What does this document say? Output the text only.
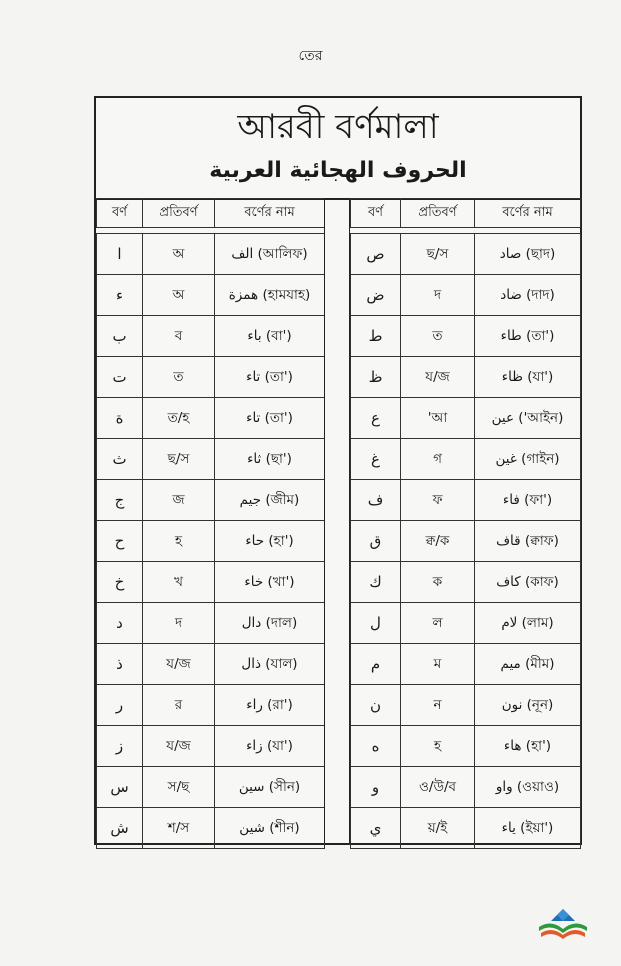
তের
আরবী বর্ণমালা
الحروف الهجائية العربية
বর্ণ	প্রতিবর্ণ	বর্ণের নাম

ا	অ	الف (আলিফ)
ء	অ	همزة (হামযাহ)
ب	ব	باء (বা')
ت	ত	تاء (তা')
ة	ত/হ	تاء (তা')
ث	ছ/স	ثاء (ছা')
ج	জ	جيم (জীম)
ح	হ	حاء (হা')
خ	খ	خاء (খা')
د	দ	دال (দাল)
ذ	য/জ	ذال (যাল)
ر	র	راء (রা')
ز	য/জ	زاء (যা')
س	স/ছ	سين (সীন)
ش	শ/স	شين (শীন)
বর্ণ	প্রতিবর্ণ	বর্ণের নাম

ص	ছ/স	صاد (ছাদ)
ض	দ	ضاد (দাদ)
ط	ত	طاء (তা')
ظ	য/জ	ظاء (যা')
ع	'আ	عين ('আইন)
غ	গ	غين (গাইন)
ف	ফ	فاء (ফা')
ق	ক্ব/ক	قاف (ক্বাফ)
ك	ক	كاف (কাফ)
ل	ল	لام (লাম)
م	ম	ميم (মীম)
ن	ন	نون (নূন)
ه	হ	هاء (হা')
و	ও/উ/ব	واو (ওয়াও)
ي	য়/ই	ياء (ইয়া')
